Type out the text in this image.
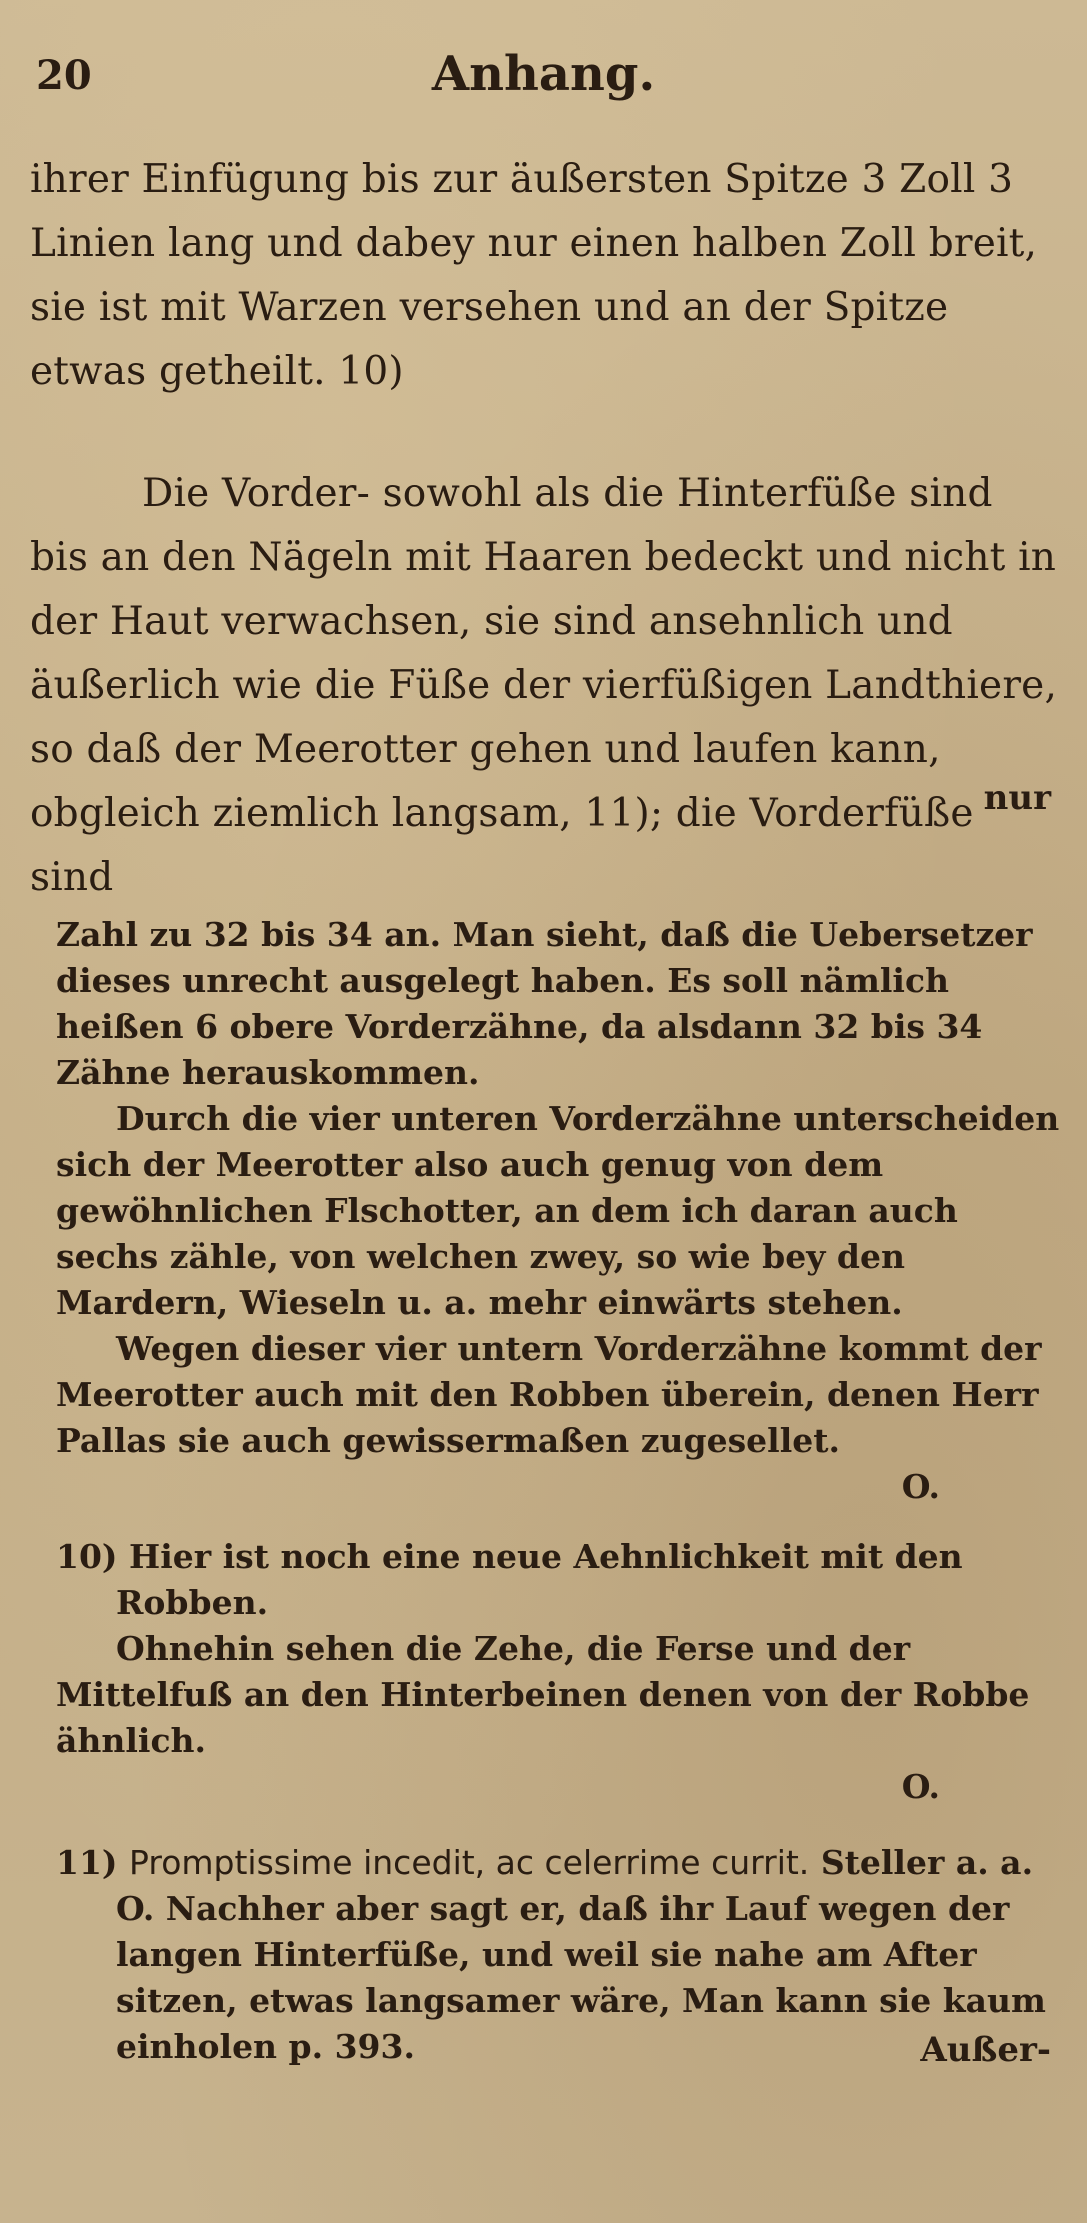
20	Anhang.

ihrer Einfügung bis zur äußersten Spitze 3 Zoll 3 Linien lang und dabey nur einen halben Zoll breit, sie ist mit Warzen versehen und an der Spitze etwas getheilt. 10)

Die Vorder- sowohl als die Hinterfüße sind bis an den Nägeln mit Haaren bedeckt und nicht in der Haut verwachsen, sie sind ansehnlich und äußerlich wie die Füße der vierfüßigen Landthiere, so daß der Meerotter gehen und laufen kann, obgleich ziemlich langsam, 11); die Vorderfüße sind

nur

Zahl zu 32 bis 34 an. Man sieht, daß die Uebersetzer dieses unrecht ausgelegt haben. Es soll nämlich heißen 6 obere Vorderzähne, da alsdann 32 bis 34 Zähne herauskommen.

Durch die vier unteren Vorderzähne unterscheiden sich der Meerotter also auch genug von dem gewöhnlichen Flschotter, an dem ich daran auch sechs zähle, von welchen zwey, so wie bey den Mardern, Wieseln u. a. mehr einwärts stehen.

Wegen dieser vier untern Vorderzähne kommt der Meerotter auch mit den Robben überein, denen Herr Pallas sie auch gewissermaßen zugesellet.

O.

10) Hier ist noch eine neue Aehnlichkeit mit den Robben.

Ohnehin sehen die Zehe, die Ferse und der Mittelfuß an den Hinterbeinen denen von der Robbe ähnlich.

O.

11) Promptissime incedit, ac celerrime currit. Steller a. a. O. Nachher aber sagt er, daß ihr Lauf wegen der langen Hinterfüße, und weil sie nahe am After sitzen, etwas langsamer wäre, Man kann sie kaum einholen p. 393.	Außer-
